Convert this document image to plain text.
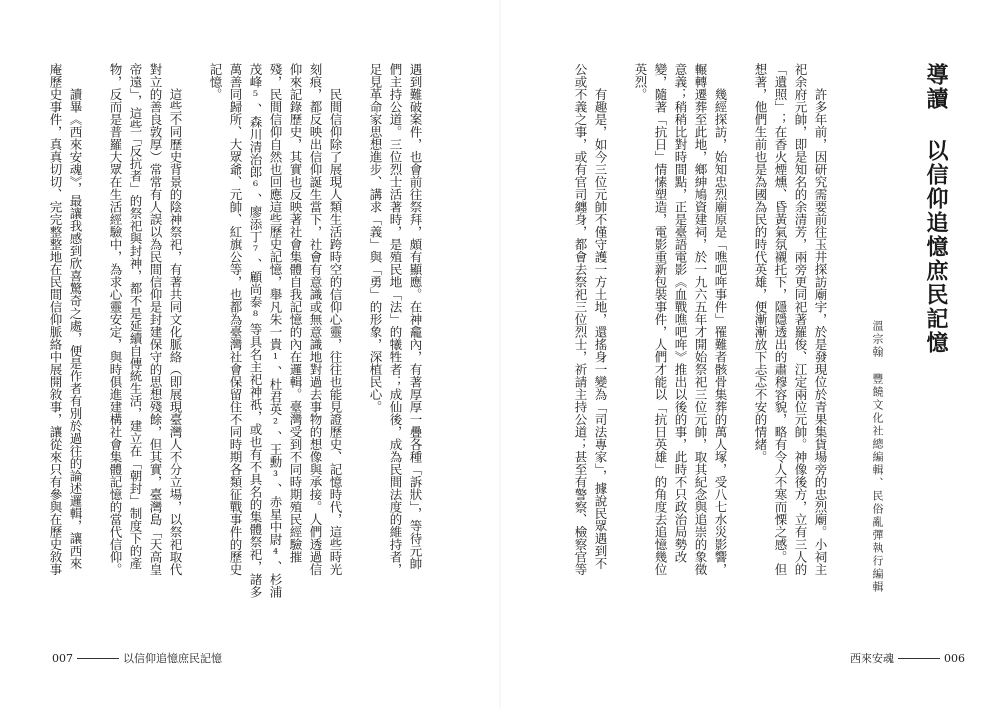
導讀
以信仰追憶庶民記憶
溫宗翰
豐饒文化社總編輯、民俗亂彈執行編輯
許多年前，因研究需要前往玉井探訪廟宇，於是發現位於青果集貨場旁的忠烈廟。小祠主
祀余府元帥，即是知名的余清芳，兩旁更同祀著羅俊、江定兩位元帥。神像後方，立有三人的
「遺照」；在香火煙燻、昏黃氣氛襯托下，隱隱透出的肅穆容貌，略有令人不寒而慄之感。但
想著，他們生前也是為國為民的時代英雄，便漸漸放下忐忑不安的情緒。
幾經探訪，始知忠烈廟原是「噍吧哖事件」罹難者骸骨集葬的萬人塚，受八七水災影響，
輾轉遷葬至此地，鄉紳鳩資建祠，於一九六五年才開始祭祀三位元帥，取其紀念與追崇的象徵
意義；稍稍比對時間點，正是臺語電影《血戰噍吧哖》推出以後的事，此時不只政治局勢改
變，隨著「抗日」情愫塑造，電影重新包裝事件，人們才能以「抗日英雄」的角度去追憶幾位
英烈。
有趣是，如今三位元帥不僅守護一方土地，還搖身一變為「司法專家」，據說民眾遇到不
公或不義之事，或有官司纏身，都會去祭祀三位烈士，祈請主持公道；甚至有警察、檢察官等
西來安魂	006
遇到難破案件，也會前往祭拜，頗有顯應。在神龕內，有著厚厚一疊各種「訴狀」，等待元帥
們主持公道。三位烈士活著時，是殖民地「法」的犧牲者；成仙後，成為民間法度的維持者，
足見革命家思想進步、講求「義」與「勇」的形象，深植民心。
民間信仰除了展現人類生活跨時空的信仰心靈，往往也能見證歷史、記憶時代，這些時光
刻痕，都反映出信仰誕生當下，社會有意識或無意識地對過去事物的想像與承接。人們透過信
仰來記錄歷史，其實也反映著社會集體自我記憶的內在邏輯。臺灣受到不同時期殖民經驗摧
殘，民間信仰自然也回應這些歷史記憶，舉凡朱一貴¹、杜君英²、王勳³、赤星中尉⁴、杉浦
茂峰⁵、森川清治郎⁶、廖添丁⁷、顧尚泰⁸等具名主祀神祇，或也有不具名的集體祭祀，諸多
萬善同歸所、大眾爺、元帥、紅旗公等，也都為臺灣社會保留住不同時期各類征戰事件的歷史
記憶。
這些不同歷史背景的陰神祭祀，有著共同文化脈絡（即展現臺灣人不分立場，以祭祀取代
對立的善良敦厚）常常有人誤以為民間信仰是封建保守的思想殘餘，但其實，臺灣島「天高皇
帝遠」，這些「反抗者」的祭祀與封神，都不是延續自傳統生活，建立在「朝封」制度下的產
物，反而是普羅大眾在生活經驗中，為求心靈安定，與時俱進建構社會集體記憶的當代信仰。
讀畢《西來安魂》，最讓我感到欣喜驚奇之處，便是作者有別於過往的論述邏輯，讓西來
庵歷史事件，真真切切、完完整整地在民間信仰脈絡中展開敘事，讓從來只有參與在歷史敘事
007	以信仰追憶庶民記憶
